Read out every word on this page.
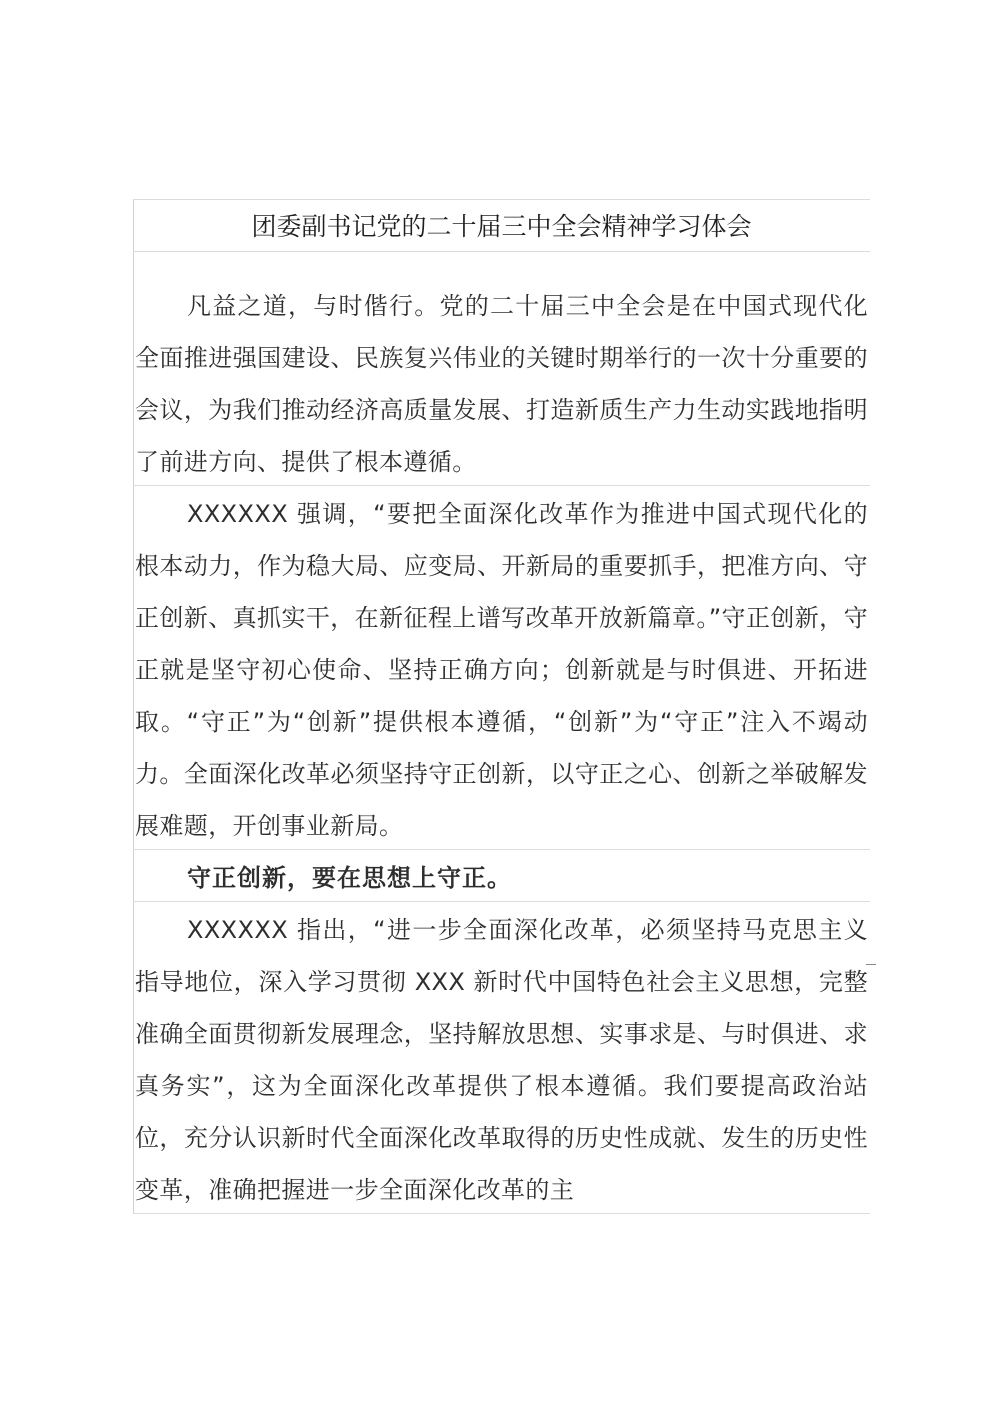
团委副书记党的二十届三中全会精神学习体会

凡益之道，与时偕行。党的二十届三中全会是在中国式现代化全面推进强国建设、民族复兴伟业的关键时期举行的一次十分重要的会议，为我们推动经济高质量发展、打造新质生产力生动实践地指明了前进方向、提供了根本遵循。

XXXXXX 强调，“要把全面深化改革作为推进中国式现代化的根本动力，作为稳大局、应变局、开新局的重要抓手，把准方向、守正创新、真抓实干，在新征程上谱写改革开放新篇章。”守正创新，守正就是坚守初心使命、坚持正确方向；创新就是与时俱进、开拓进取。“守正”为“创新”提供根本遵循，“创新”为“守正”注入不竭动力。全面深化改革必须坚持守正创新，以守正之心、创新之举破解发展难题，开创事业新局。

守正创新，要在思想上守正。

XXXXXX 指出，“进一步全面深化改革，必须坚持马克思主义指导地位，深入学习贯彻 XXX 新时代中国特色社会主义思想，完整准确全面贯彻新发展理念，坚持解放思想、实事求是、与时俱进、求真务实”，这为全面深化改革提供了根本遵循。我们要提高政治站位，充分认识新时代全面深化改革取得的历史性成就、发生的历史性变革，准确把握进一步全面深化改革的主
